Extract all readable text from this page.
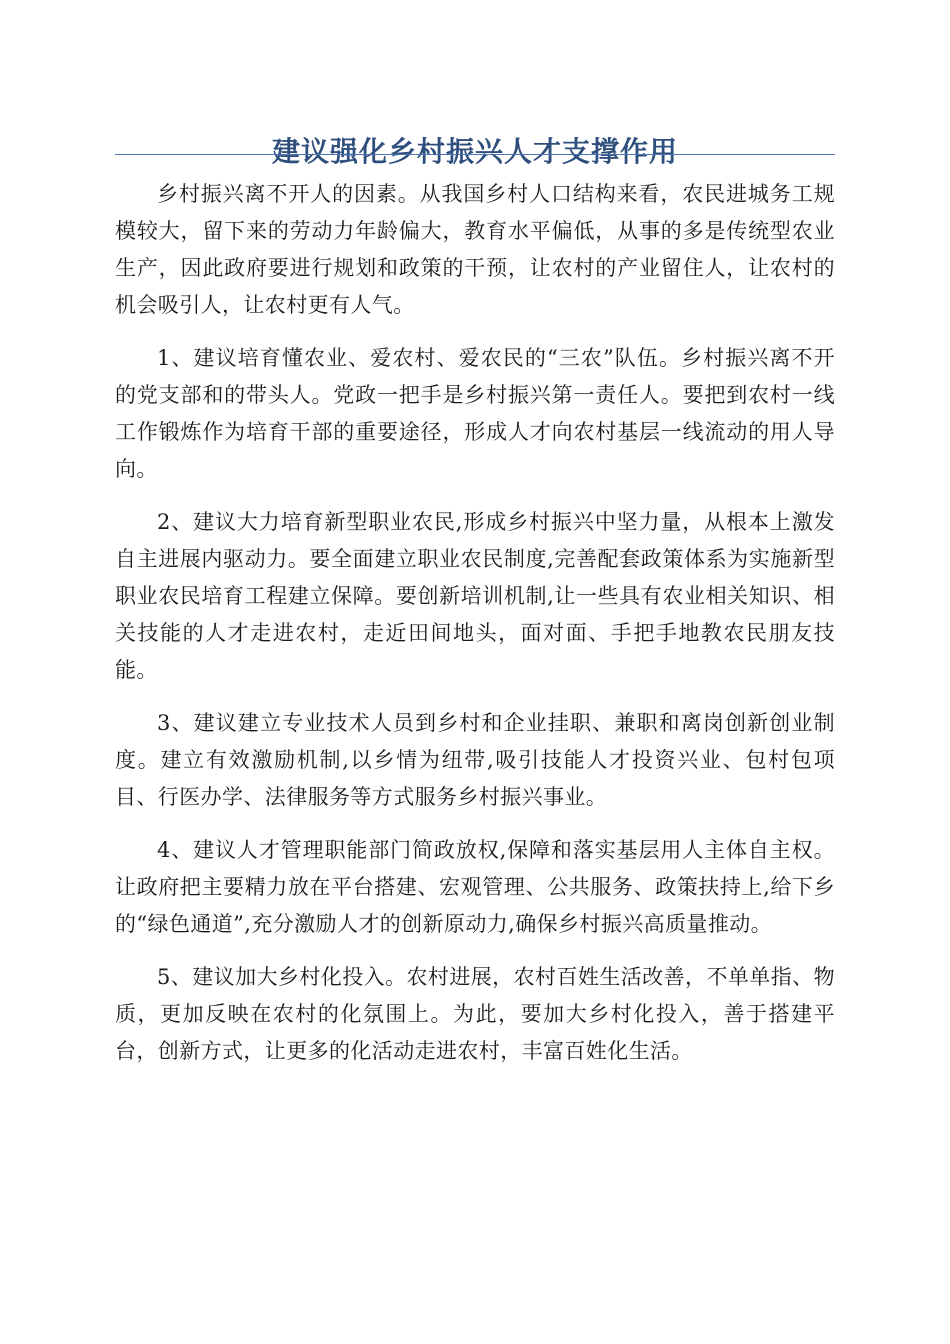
建议强化乡村振兴人才支撑作用

乡村振兴离不开人的因素。从我国乡村人口结构来看，农民进城务工规模较大，留下来的劳动力年龄偏大，教育水平偏低，从事的多是传统型农业生产，因此政府要进行规划和政策的干预，让农村的产业留住人，让农村的机会吸引人，让农村更有人气。

1、建议培育懂农业、爱农村、爱农民的“三农”队伍。乡村振兴离不开的党支部和的带头人。党政一把手是乡村振兴第一责任人。要把到农村一线工作锻炼作为培育干部的重要途径，形成人才向农村基层一线流动的用人导向。

2、建议大力培育新型职业农民,形成乡村振兴中坚力量，从根本上激发自主进展内驱动力。要全面建立职业农民制度,完善配套政策体系为实施新型职业农民培育工程建立保障。要创新培训机制,让一些具有农业相关知识、相关技能的人才走进农村，走近田间地头，面对面、手把手地教农民朋友技能。

3、建议建立专业技术人员到乡村和企业挂职、兼职和离岗创新创业制度。建立有效激励机制,以乡情为纽带,吸引技能人才投资兴业、包村包项目、行医办学、法律服务等方式服务乡村振兴事业。

4、建议人才管理职能部门简政放权,保障和落实基层用人主体自主权。让政府把主要精力放在平台搭建、宏观管理、公共服务、政策扶持上,给下乡的“绿色通道”,充分激励人才的创新原动力,确保乡村振兴高质量推动。

5、建议加大乡村化投入。农村进展，农村百姓生活改善，不单单指、物质，更加反映在农村的化氛围上。为此，要加大乡村化投入，善于搭建平台，创新方式，让更多的化活动走进农村，丰富百姓化生活。
